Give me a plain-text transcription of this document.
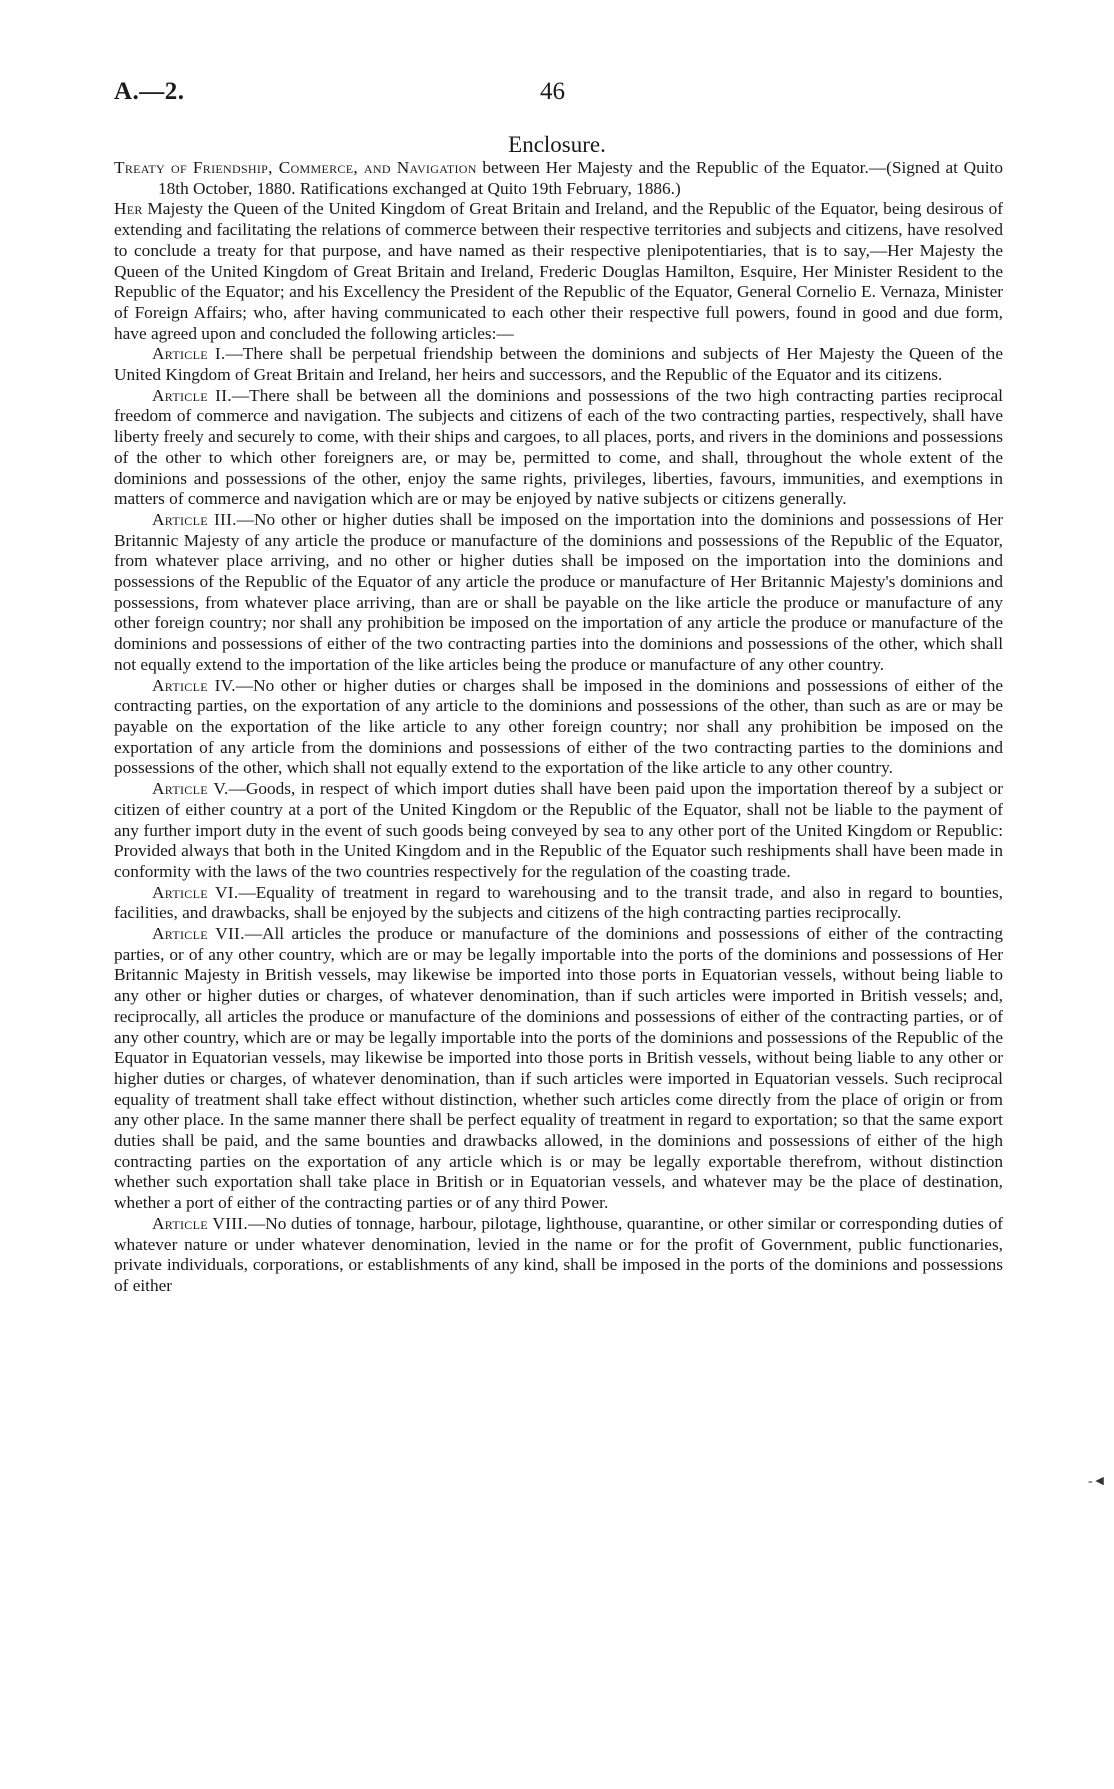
A.—2.	46
Enclosure.

Treaty of Friendship, Commerce, and Navigation between Her Majesty and the Republic of the Equator.—(Signed at Quito 18th October, 1880. Ratifications exchanged at Quito 19th February, 1886.)

Her Majesty the Queen of the United Kingdom of Great Britain and Ireland, and the Republic of the Equator, being desirous of extending and facilitating the relations of commerce between their respective territories and subjects and citizens, have resolved to conclude a treaty for that purpose, and have named as their respective plenipotentiaries, that is to say,—Her Majesty the Queen of the United Kingdom of Great Britain and Ireland, Frederic Douglas Hamilton, Esquire, Her Minister Resident to the Republic of the Equator; and his Excellency the President of the Republic of the Equator, General Cornelio E. Vernaza, Minister of Foreign Affairs; who, after having communicated to each other their respective full powers, found in good and due form, have agreed upon and concluded the following articles:—

Article I.—There shall be perpetual friendship between the dominions and subjects of Her Majesty the Queen of the United Kingdom of Great Britain and Ireland, her heirs and successors, and the Republic of the Equator and its citizens.

Article II.—There shall be between all the dominions and possessions of the two high contracting parties reciprocal freedom of commerce and navigation. The subjects and citizens of each of the two contracting parties, respectively, shall have liberty freely and securely to come, with their ships and cargoes, to all places, ports, and rivers in the dominions and possessions of the other to which other foreigners are, or may be, permitted to come, and shall, throughout the whole extent of the dominions and possessions of the other, enjoy the same rights, privileges, liberties, favours, immunities, and exemptions in matters of commerce and navigation which are or may be enjoyed by native subjects or citizens generally.

Article III.—No other or higher duties shall be imposed on the importation into the dominions and possessions of Her Britannic Majesty of any article the produce or manufacture of the dominions and possessions of the Republic of the Equator, from whatever place arriving, and no other or higher duties shall be imposed on the importation into the dominions and possessions of the Republic of the Equator of any article the produce or manufacture of Her Britannic Majesty's dominions and possessions, from whatever place arriving, than are or shall be payable on the like article the produce or manufacture of any other foreign country; nor shall any prohibition be imposed on the importation of any article the produce or manufacture of the dominions and possessions of either of the two contracting parties into the dominions and possessions of the other, which shall not equally extend to the importation of the like articles being the produce or manufacture of any other country.

Article IV.—No other or higher duties or charges shall be imposed in the dominions and possessions of either of the contracting parties, on the exportation of any article to the dominions and possessions of the other, than such as are or may be payable on the exportation of the like article to any other foreign country; nor shall any prohibition be imposed on the exportation of any article from the dominions and possessions of either of the two contracting parties to the dominions and possessions of the other, which shall not equally extend to the exportation of the like article to any other country.

Article V.—Goods, in respect of which import duties shall have been paid upon the importation thereof by a subject or citizen of either country at a port of the United Kingdom or the Republic of the Equator, shall not be liable to the payment of any further import duty in the event of such goods being conveyed by sea to any other port of the United Kingdom or Republic: Provided always that both in the United Kingdom and in the Republic of the Equator such reshipments shall have been made in conformity with the laws of the two countries respectively for the regulation of the coasting trade.

Article VI.—Equality of treatment in regard to warehousing and to the transit trade, and also in regard to bounties, facilities, and drawbacks, shall be enjoyed by the subjects and citizens of the high contracting parties reciprocally.

Article VII.—All articles the produce or manufacture of the dominions and possessions of either of the contracting parties, or of any other country, which are or may be legally importable into the ports of the dominions and possessions of Her Britannic Majesty in British vessels, may likewise be imported into those ports in Equatorian vessels, without being liable to any other or higher duties or charges, of whatever denomination, than if such articles were imported in British vessels; and, reciprocally, all articles the produce or manufacture of the dominions and possessions of either of the contracting parties, or of any other country, which are or may be legally importable into the ports of the dominions and possessions of the Republic of the Equator in Equatorian vessels, may likewise be imported into those ports in British vessels, without being liable to any other or higher duties or charges, of whatever denomination, than if such articles were imported in Equatorian vessels. Such reciprocal equality of treatment shall take effect without distinction, whether such articles come directly from the place of origin or from any other place. In the same manner there shall be perfect equality of treatment in regard to exportation; so that the same export duties shall be paid, and the same bounties and drawbacks allowed, in the dominions and possessions of either of the high contracting parties on the exportation of any article which is or may be legally exportable therefrom, without distinction whether such exportation shall take place in British or in Equatorian vessels, and whatever may be the place of destination, whether a port of either of the contracting parties or of any third Power.

Article VIII.—No duties of tonnage, harbour, pilotage, lighthouse, quarantine, or other similar or corresponding duties of whatever nature or under whatever denomination, levied in the name or for the profit of Government, public functionaries, private individuals, corporations, or establishments of any kind, shall be imposed in the ports of the dominions and possessions of either

-◄
